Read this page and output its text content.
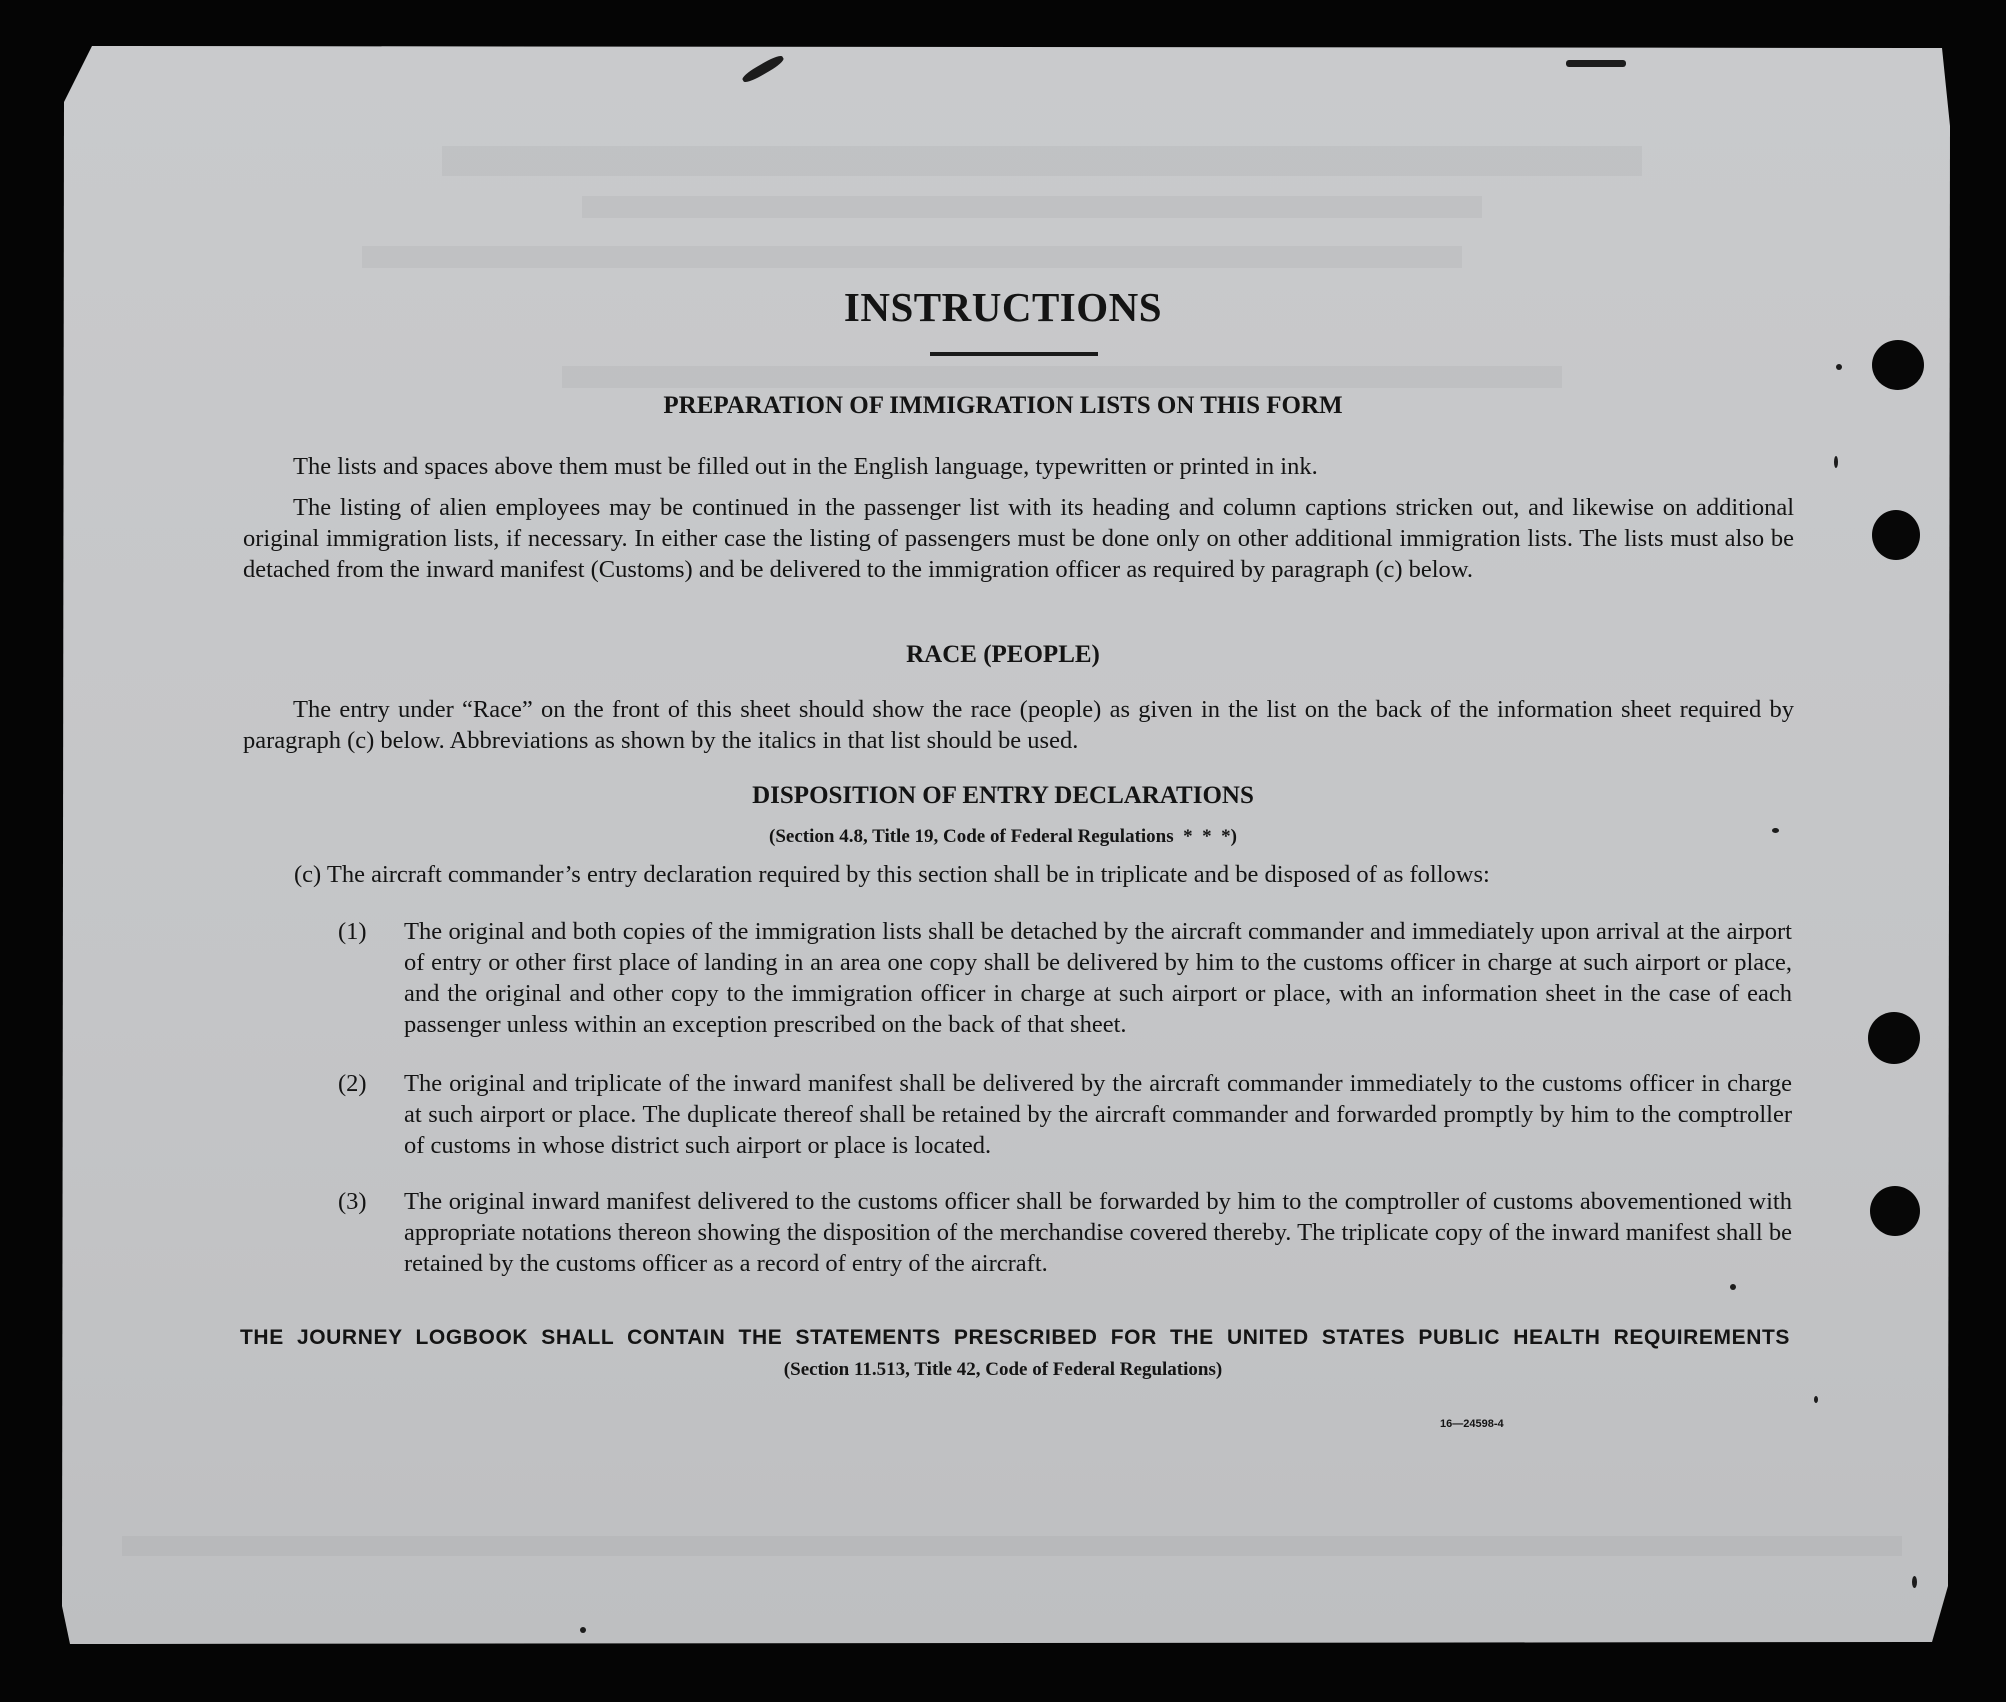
INSTRUCTIONS
PREPARATION OF IMMIGRATION LISTS ON THIS FORM
The lists and spaces above them must be filled out in the English language, typewritten or printed in ink.
The listing of alien employees may be continued in the passenger list with its heading and column captions stricken out, and likewise on additional original immigration lists, if necessary. In either case the listing of passengers must be done only on other additional immigration lists. The lists must also be detached from the inward manifest (Customs) and be delivered to the immigration officer as required by paragraph (c) below.
RACE (PEOPLE)
The entry under “Race” on the front of this sheet should show the race (people) as given in the list on the back of the information sheet required by paragraph (c) below. Abbreviations as shown by the italics in that list should be used.
DISPOSITION OF ENTRY DECLARATIONS
(Section 4.8, Title 19, Code of Federal Regulations  *  *  *)
(c) The aircraft commander’s entry declaration required by this section shall be in triplicate and be disposed of as follows:
(1) The original and both copies of the immigration lists shall be detached by the aircraft commander and immediately upon arrival at the airport of entry or other first place of landing in an area one copy shall be delivered by him to the customs officer in charge at such airport or place, and the original and other copy to the immigration officer in charge at such airport or place, with an information sheet in the case of each passenger unless within an exception prescribed on the back of that sheet.
(2) The original and triplicate of the inward manifest shall be delivered by the aircraft commander immediately to the customs officer in charge at such airport or place. The duplicate thereof shall be retained by the aircraft commander and forwarded promptly by him to the comptroller of customs in whose district such airport or place is located.
(3) The original inward manifest delivered to the customs officer shall be forwarded by him to the comptroller of customs abovementioned with appropriate notations thereon showing the disposition of the merchandise covered thereby. The triplicate copy of the inward manifest shall be retained by the customs officer as a record of entry of the aircraft.
THE JOURNEY LOGBOOK SHALL CONTAIN THE STATEMENTS PRESCRIBED FOR THE UNITED STATES PUBLIC HEALTH REQUIREMENTS
(Section 11.513, Title 42, Code of Federal Regulations)
16—24598-4
